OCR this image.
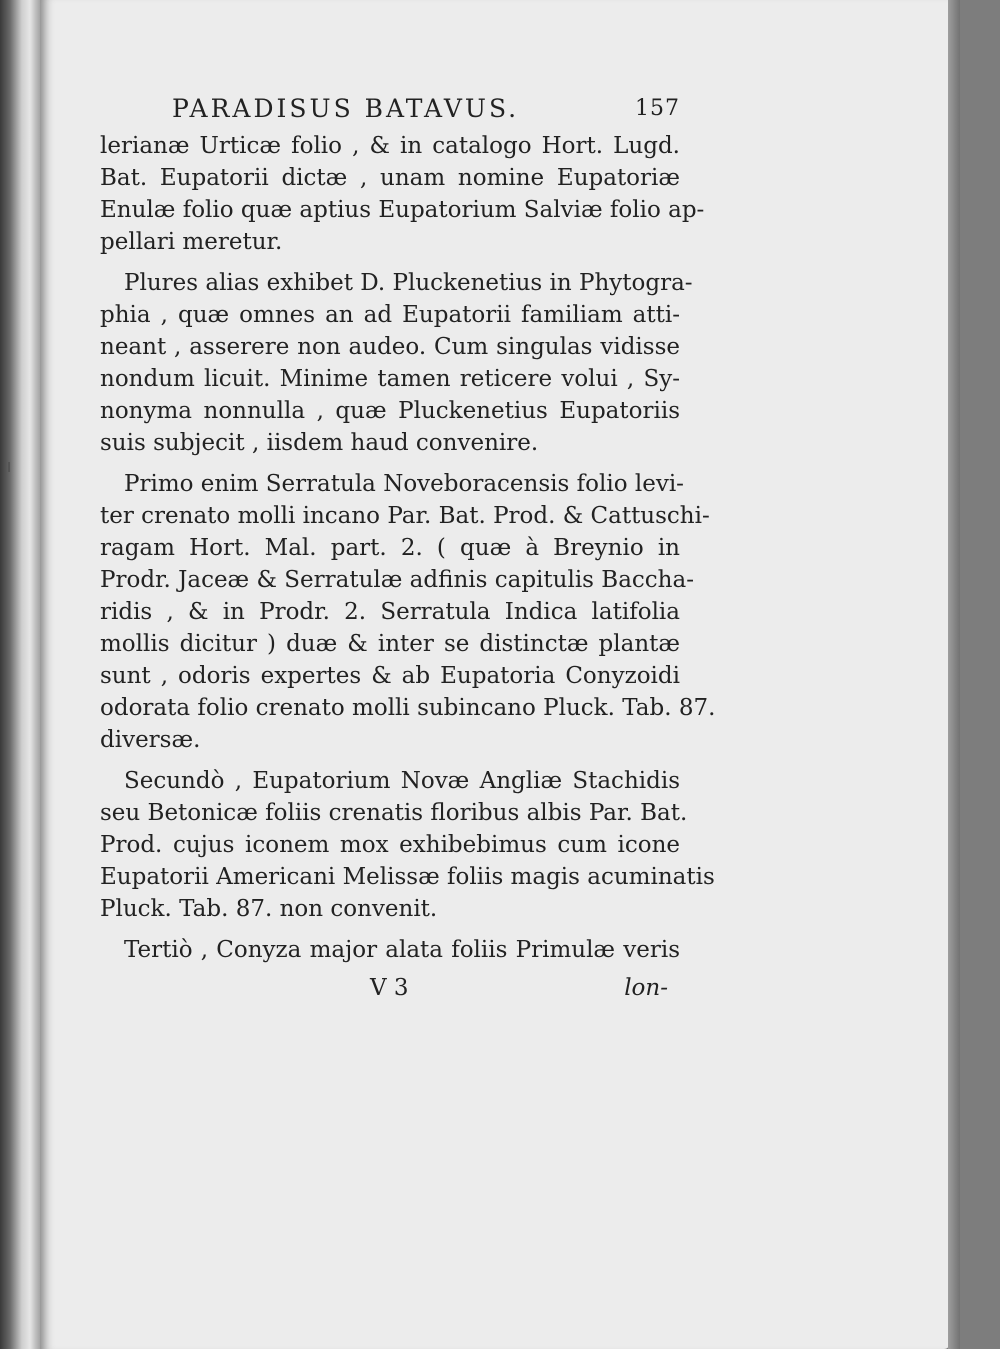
PARADISUS BATAVUS.	157
lerianæ Urticæ folio , & in catalogo Hort. Lugd.
Bat. Eupatorii dictæ , unam nomine Eupatoriæ
Enulæ folio quæ aptius Eupatorium Salviæ folio ap-
pellari meretur.
Plures alias exhibet D. Pluckenetius in Phytogra-
phia , quæ omnes an ad Eupatorii familiam atti-
neant , asserere non audeo. Cum singulas vidisse
nondum licuit. Minime tamen reticere volui , Sy-
nonyma nonnulla , quæ Pluckenetius Eupatoriis
suis subjecit , iisdem haud convenire.
Primo enim Serratula Noveboracensis folio levi-
ter crenato molli incano Par. Bat. Prod. & Cattuschi-
ragam Hort. Mal. part. 2. ( quæ à Breynio in
Prodr. Jaceæ & Serratulæ adfinis capitulis Baccha-
ridis , & in Prodr. 2. Serratula Indica latifolia
mollis dicitur ) duæ & inter se distinctæ plantæ
sunt , odoris expertes & ab Eupatoria Conyzoidi
odorata folio crenato molli subincano Pluck. Tab. 87.
diversæ.
Secundò , Eupatorium Novæ Angliæ Stachidis
seu Betonicæ foliis crenatis floribus albis Par. Bat.
Prod. cujus iconem mox exhibebimus cum icone
Eupatorii Americani Melissæ foliis magis acuminatis
Pluck. Tab. 87. non convenit.
Tertiò , Conyza major alata foliis Primulæ veris
V 3	lon-
